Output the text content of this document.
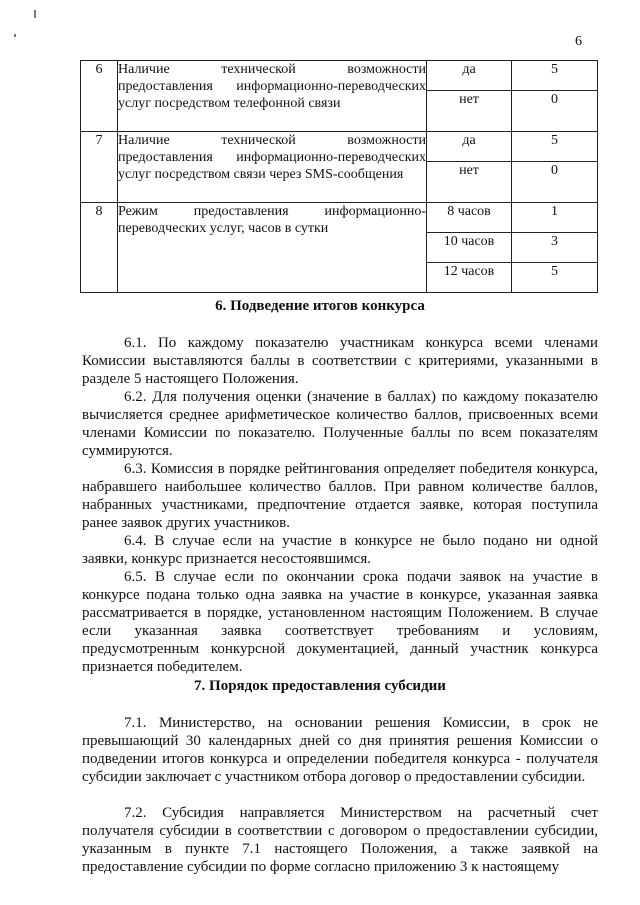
6
6	Наличие технической возможности предоставления информационно-переводческих услуг посредством телефонной связи	да	5
		нет	0
7	Наличие технической возможности предоставления информационно-переводческих услуг посредством связи через SMS-сообщения	да	5
		нет	0
8	Режим предоставления информационно-переводческих услуг, часов в сутки	8 часов	1
		10 часов	3
		12 часов	5
6. Подведение итогов конкурса

6.1. По каждому показателю участникам конкурса всеми членами Комиссии выставляются баллы в соответствии с критериями, указанными в разделе 5 настоящего Положения.

6.2. Для получения оценки (значение в баллах) по каждому показателю вычисляется среднее арифметическое количество баллов, присвоенных всеми членами Комиссии по показателю. Полученные баллы по всем показателям суммируются.

6.3. Комиссия в порядке рейтингования определяет победителя конкурса, набравшего наибольшее количество баллов. При равном количестве баллов, набранных участниками, предпочтение отдается заявке, которая поступила ранее заявок других участников.

6.4. В случае если на участие в конкурсе не было подано ни одной заявки, конкурс признается несостоявшимся.

6.5. В случае если по окончании срока подачи заявок на участие в конкурсе подана только одна заявка на участие в конкурсе, указанная заявка рассматривается в порядке, установленном настоящим Положением. В случае если указанная заявка соответствует требованиям и условиям, предусмотренным конкурсной документацией, данный участник конкурса признается победителем.

7. Порядок предоставления субсидии

7.1. Министерство, на основании решения Комиссии, в срок не превышающий 30 календарных дней со дня принятия решения Комиссии о подведении итогов конкурса и определении победителя конкурса - получателя субсидии заключает с участником отбора договор о предоставлении субсидии.

7.2. Субсидия направляется Министерством на расчетный счет получателя субсидии в соответствии с договором о предоставлении субсидии, указанным в пункте 7.1 настоящего Положения, а также заявкой на предоставление субсидии по форме согласно приложению 3 к настоящему
